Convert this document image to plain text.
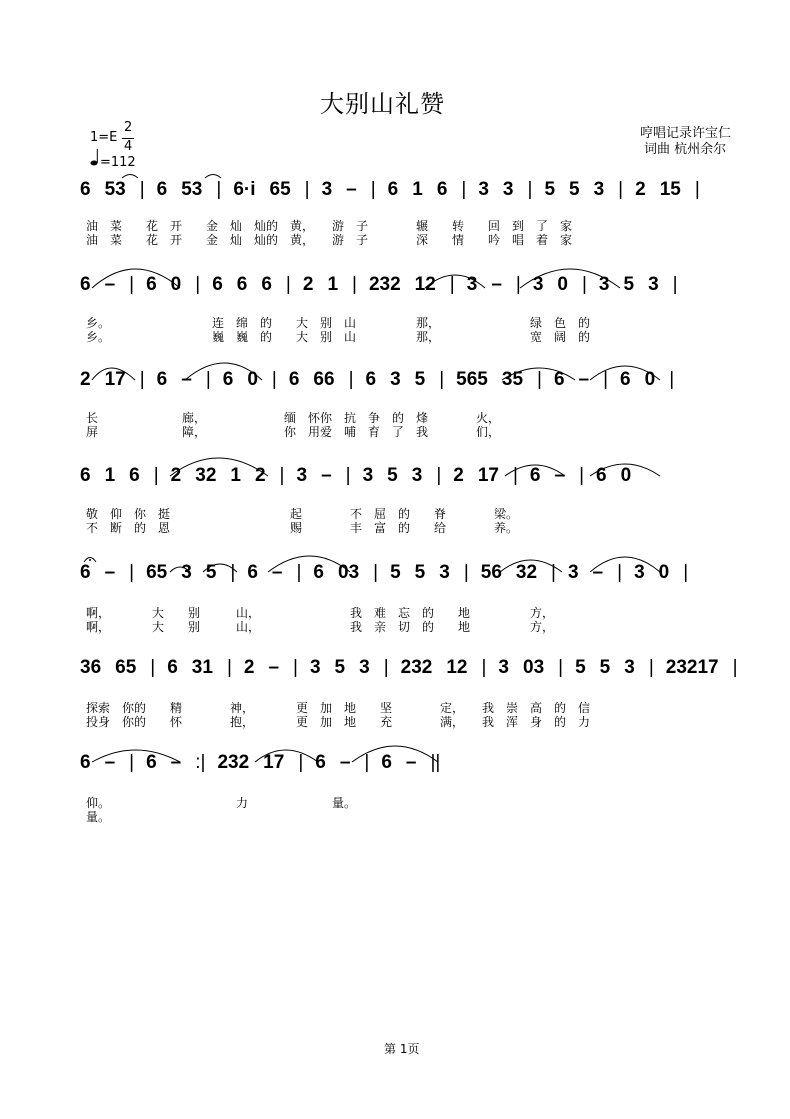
大别山礼赞
哼唱记录许宝仁
词曲 杭州余尔
1=E
2
4
=112
6 53 | 6 53 | 6·i 65 | 3 – | 6 1 6 | 3 3 | 5 5 3 | 2 15 |
油　菜　　花　开　　金　灿　灿的　黄，　　游　子　　　　辗　　转　　回　到　了　家
油　菜　　花　开　　金　灿　灿的　黄，　　游　子　　　　深　　情　　吟　唱　着　家
6 – | 6 0 | 6 6 6 | 2 1 | 232 12 | 3 – | 3 0 | 3 5 3 |
乡。　　　　　　　　　连　绵　的　　大　别　山　　　　　那，　　　　　　　　绿　色　的
乡。　　　　　　　　　巍　巍　的　　大　别　山　　　　　那，　　　　　　　　宽　阔　的
2 17 | 6 – | 6 0 | 6 66 | 6 3 5 | 565 35 | 6 – | 6 0 |
长　　　　　　　廊，　　　　　　　缅　怀你　抗　争　的　烽　　　　火，
屏　　　　　　　障，　　　　　　　你　用爱　哺　育　了　我　　　　们，
6 1 6 | 2 32 1 2 | 3 – | 3 5 3 | 2 17 | 6 – | 6 0
敬　仰　你　挺　　　　　　　　　　起　　　　不　屈　的　　脊　　　　梁。
不　断　的　恩　　　　　　　　　　赐　　　　丰　富　的　　给　　　　养。
6 – | 65 3 5 | 6 – | 6 03 | 5 5 3 | 56 32 | 3 – | 3 0 |
啊，　　　　大　　别　　　山，　　　　　　　　我　难　忘　的　　地　　　　　方，
啊，　　　　大　　别　　　山，　　　　　　　　我　亲　切　的　　地　　　　　方，
36 65 | 6 31 | 2 – | 3 5 3 | 232 12 | 3 03 | 5 5 3 | 23217 |
探索　你的　　精　　　　神，　　　　更　加　地　　坚　　　　定，　　我　崇　高　的　信
投身　你的　　怀　　　　抱，　　　　更　加　地　　充　　　　满，　　我　浑　身　的　力
6 – | 6 – :| 232 17 | 6 – | 6 – ||
仰。　　　　　　　　　　　力　　　　　　　量。
量。
第 1页
